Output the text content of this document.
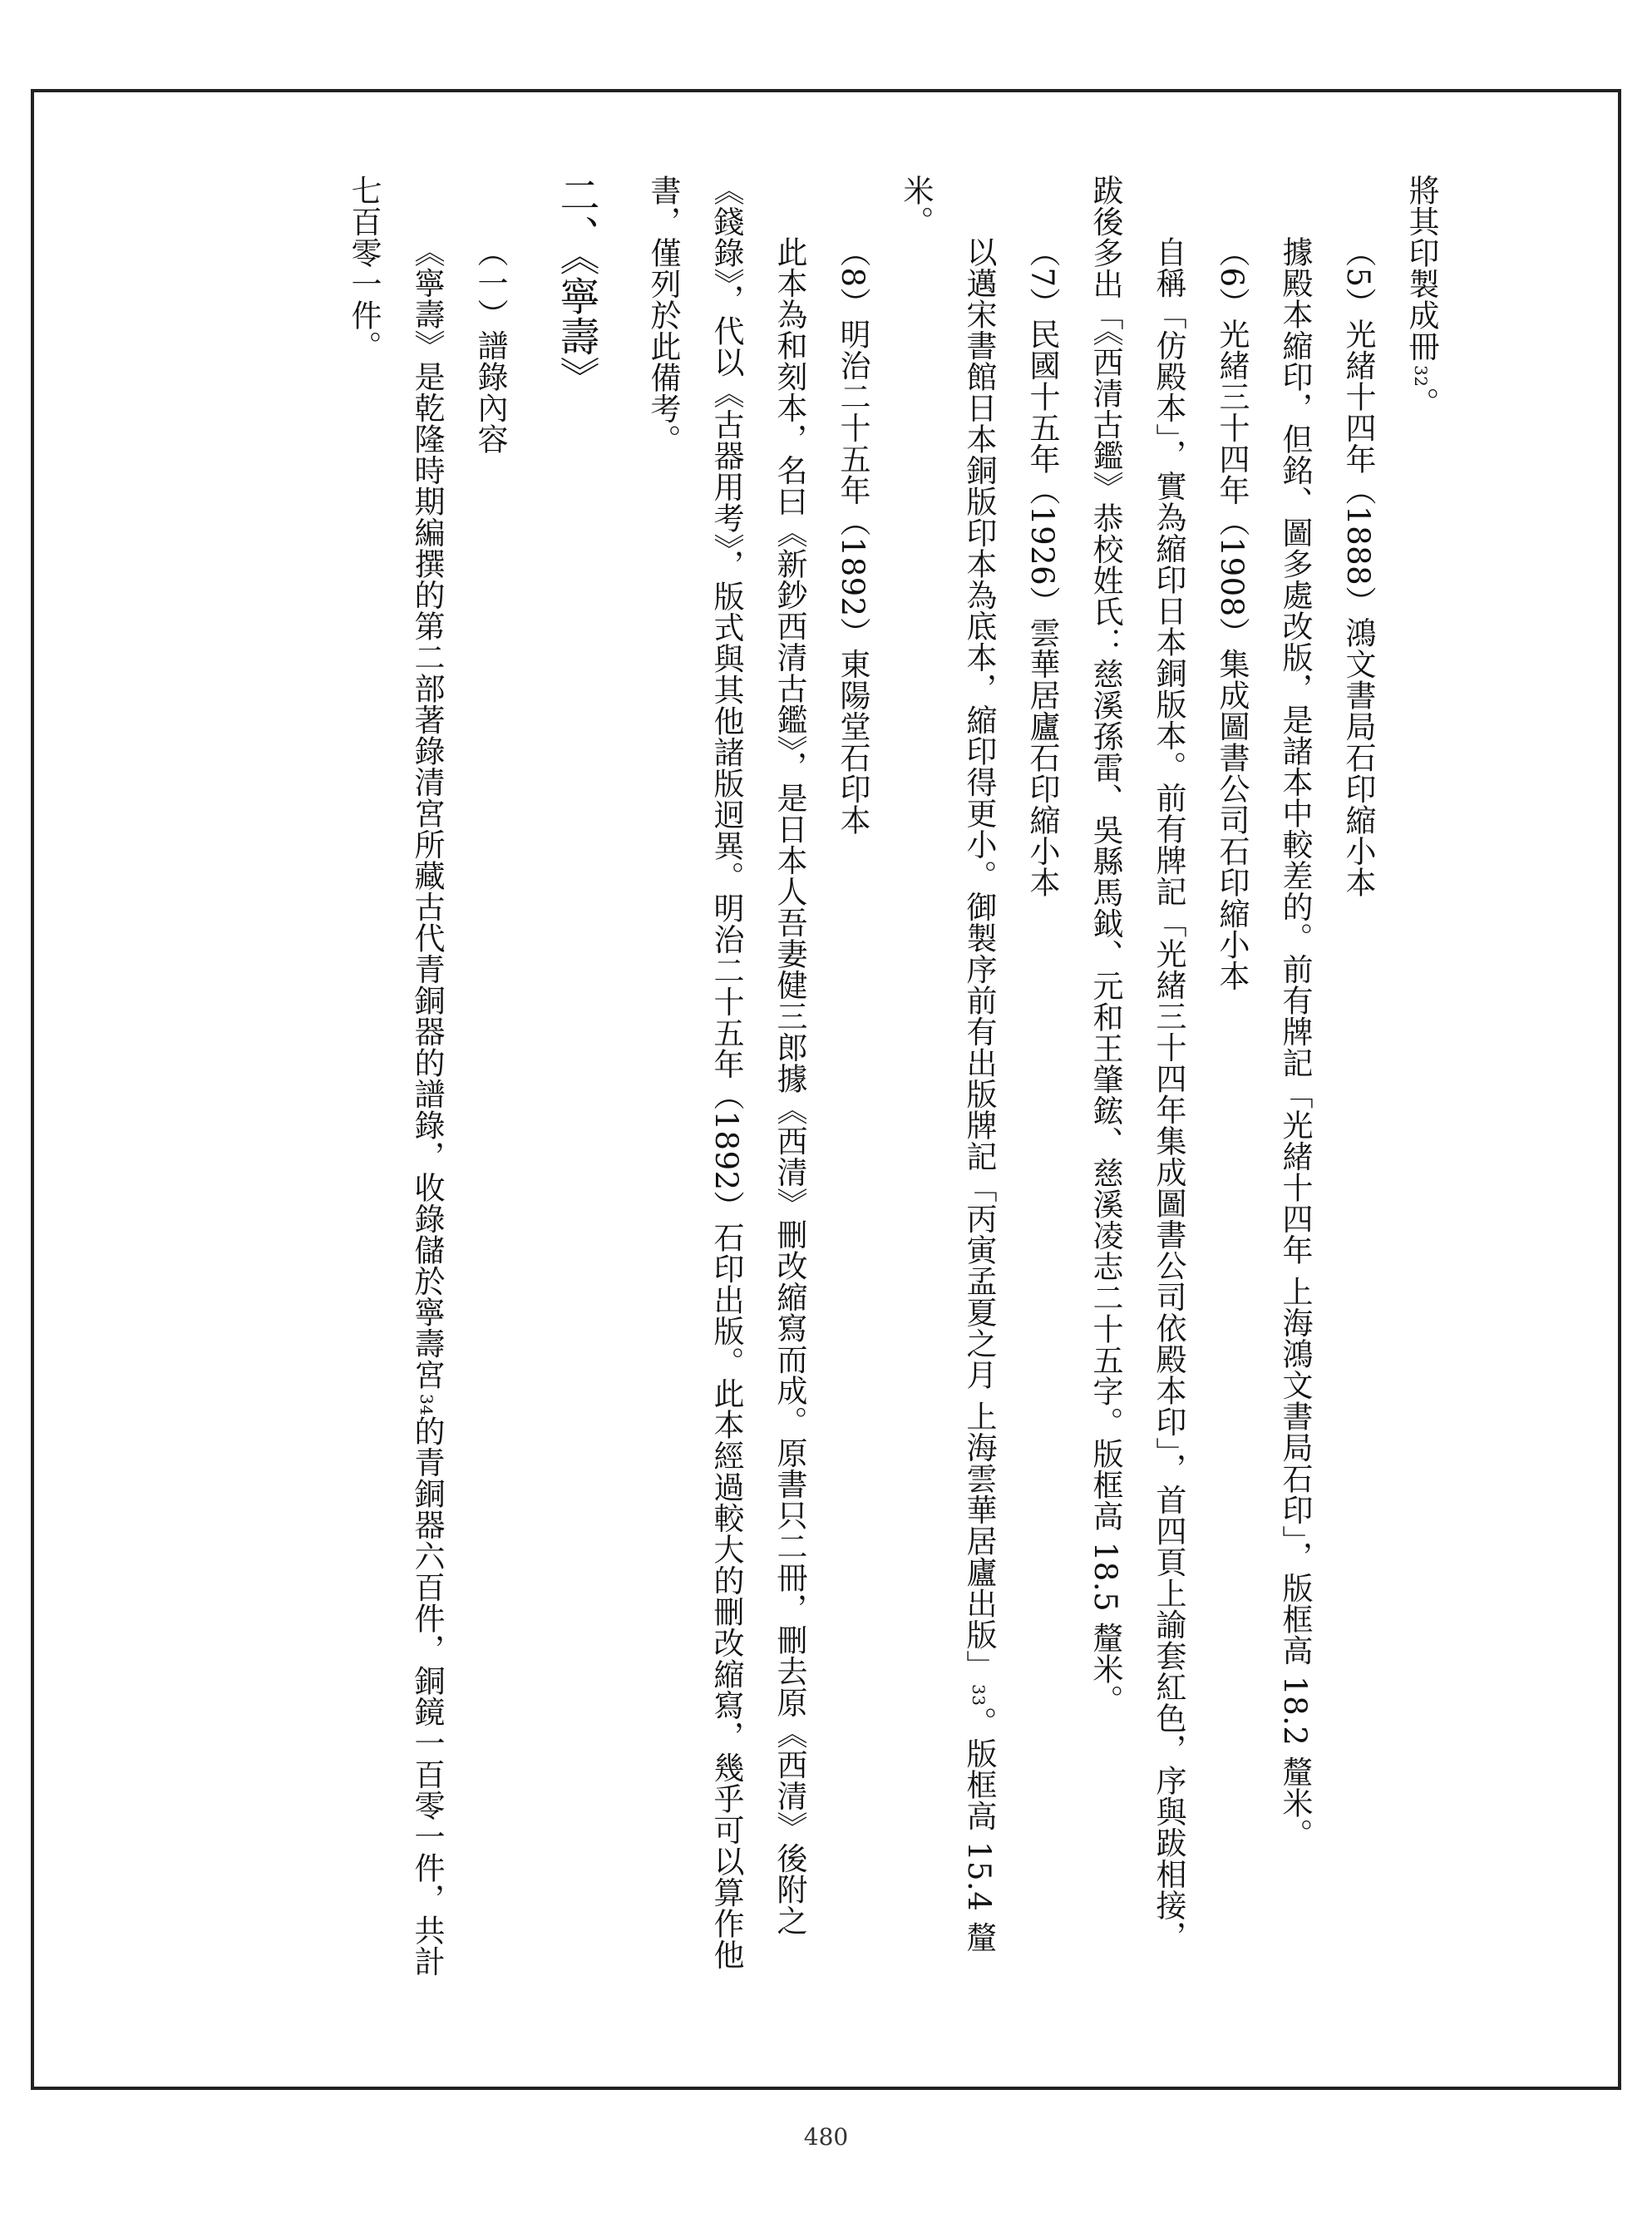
將其印製成冊32。

（5）光緒十四年（1888）鴻文書局石印縮小本

據殿本縮印，但銘、圖多處改版，是諸本中較差的。前有牌記「光緒十四年 上海鴻文書局石印」，版框高 18.2 釐米。

（6）光緒三十四年（1908）集成圖書公司石印縮小本

自稱「仿殿本」，實為縮印日本銅版本。前有牌記「光緒三十四年集成圖書公司依殿本印」，首四頁上諭套紅色，序與跋相接，跋後多出「《西清古鑑》恭校姓氏：慈溪孫雷、吳縣馬鉞、元和王肇鋐、慈溪凌志二十五字。版框高 18.5 釐米。

（7）民國十五年（1926）雲華居廬石印縮小本

以邁宋書館日本銅版印本為底本，縮印得更小。御製序前有出版牌記「丙寅孟夏之月 上海雲華居廬出版」33。版框高 15.4 釐米。

（8）明治二十五年（1892）東陽堂石印本

此本為和刻本，名曰《新鈔西清古鑑》，是日本人吾妻健三郎據《西清》刪改縮寫而成。原書只二冊，刪去原《西清》後附之《錢錄》，代以《古器用考》，版式與其他諸版迥異。明治二十五年（1892）石印出版。此本經過較大的刪改縮寫，幾乎可以算作他書，僅列於此備考。

二、《寧壽》

（一）譜錄內容

《寧壽》是乾隆時期編撰的第二部著錄清宮所藏古代青銅器的譜錄，收錄儲於寧壽宮34的青銅器六百件，銅鏡一百零一件，共計七百零一件。

480
